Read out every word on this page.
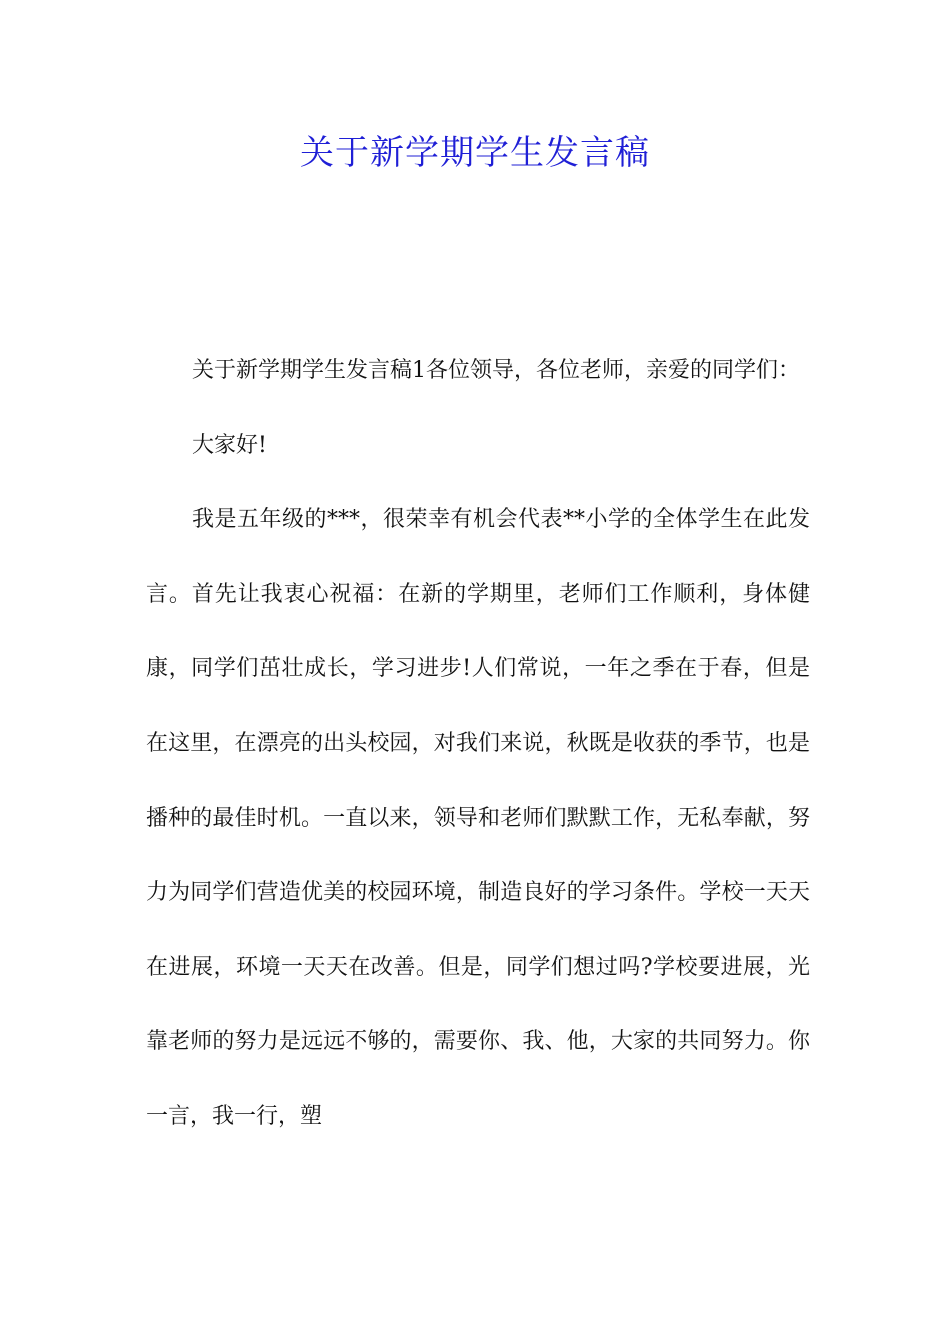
关于新学期学生发言稿

关于新学期学生发言稿1各位领导，各位老师，亲爱的同学们：

大家好!

我是五年级的***，很荣幸有机会代表**小学的全体学生在此发言。首先让我衷心祝福：在新的学期里，老师们工作顺利，身体健康，同学们茁壮成长，学习进步!人们常说，一年之季在于春，但是在这里，在漂亮的出头校园，对我们来说，秋既是收获的季节，也是播种的最佳时机。一直以来，领导和老师们默默工作，无私奉献，努力为同学们营造优美的校园环境，制造良好的学习条件。学校一天天在进展，环境一天天在改善。但是，同学们想过吗?学校要进展，光靠老师的努力是远远不够的，需要你、我、他，大家的共同努力。你一言，我一行，塑
